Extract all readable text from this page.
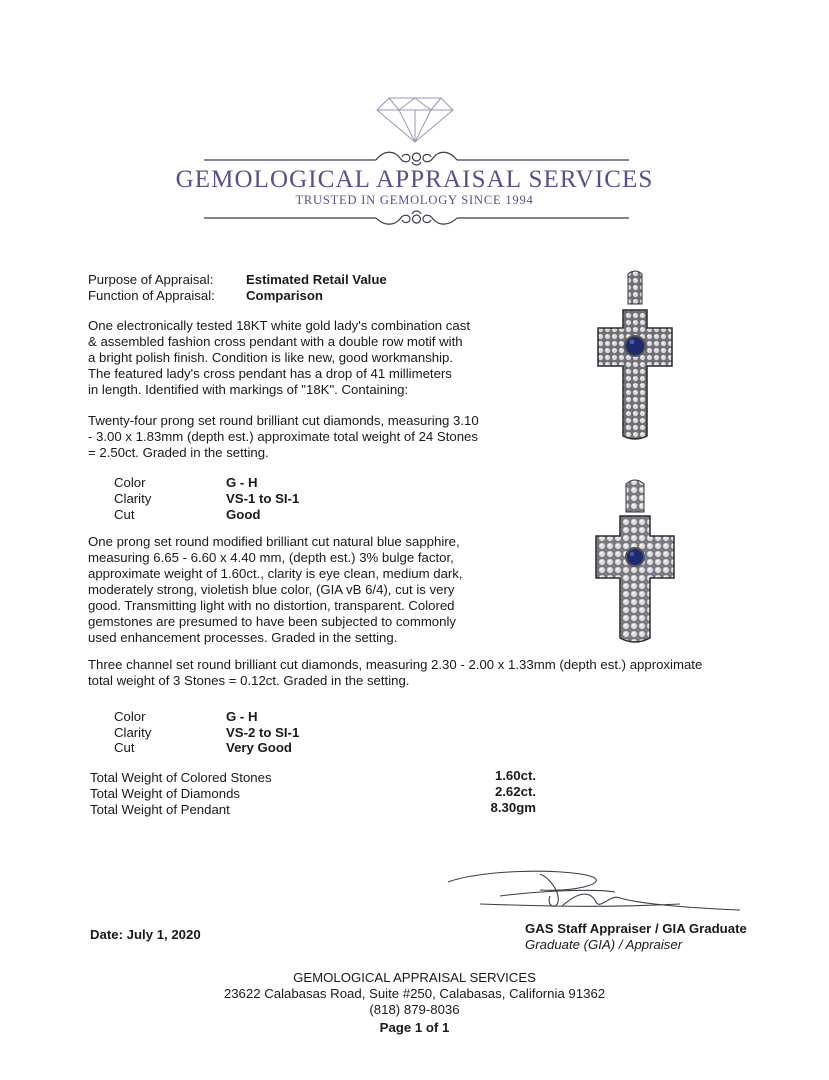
GEMOLOGICAL APPRAISAL SERVICES
TRUSTED IN GEMOLOGY SINCE 1994
Purpose of Appraisal: Estimated Retail Value
Function of Appraisal: Comparison
One electronically tested 18KT white gold lady's combination cast
& assembled fashion cross pendant with a double row motif with
a bright polish finish. Condition is like new, good workmanship.
The featured lady's cross pendant has a drop of 41 millimeters
in length. Identified with markings of "18K". Containing:
Twenty-four prong set round brilliant cut diamonds, measuring 3.10
- 3.00 x 1.83mm (depth est.) approximate total weight of 24 Stones
= 2.50ct. Graded in the setting.
Color	G - H
Clarity	VS-1 to SI-1
Cut	Good
One prong set round modified brilliant cut natural blue sapphire,
measuring 6.65 - 6.60 x 4.40 mm, (depth est.) 3% bulge factor,
approximate weight of 1.60ct., clarity is eye clean, medium dark,
moderately strong, violetish blue color, (GIA vB 6/4), cut is very
good. Transmitting light with no distortion, transparent. Colored
gemstones are presumed to have been subjected to commonly
used enhancement processes. Graded in the setting.
Three channel set round brilliant cut diamonds, measuring 2.30 - 2.00 x 1.33mm (depth est.) approximate
total weight of 3 Stones = 0.12ct. Graded in the setting.
Color	G - H
Clarity	VS-2 to SI-1
Cut	Very Good
Total Weight of Colored Stones	1.60ct.
Total Weight of Diamonds	2.62ct.
Total Weight of Pendant	8.30gm
Date: July 1, 2020	GAS Staff Appraiser / GIA Graduate
Graduate (GIA) / Appraiser
GEMOLOGICAL APPRAISAL SERVICES
23622 Calabasas Road, Suite #250, Calabasas, California 91362
(818) 879-8036
Page 1 of 1
